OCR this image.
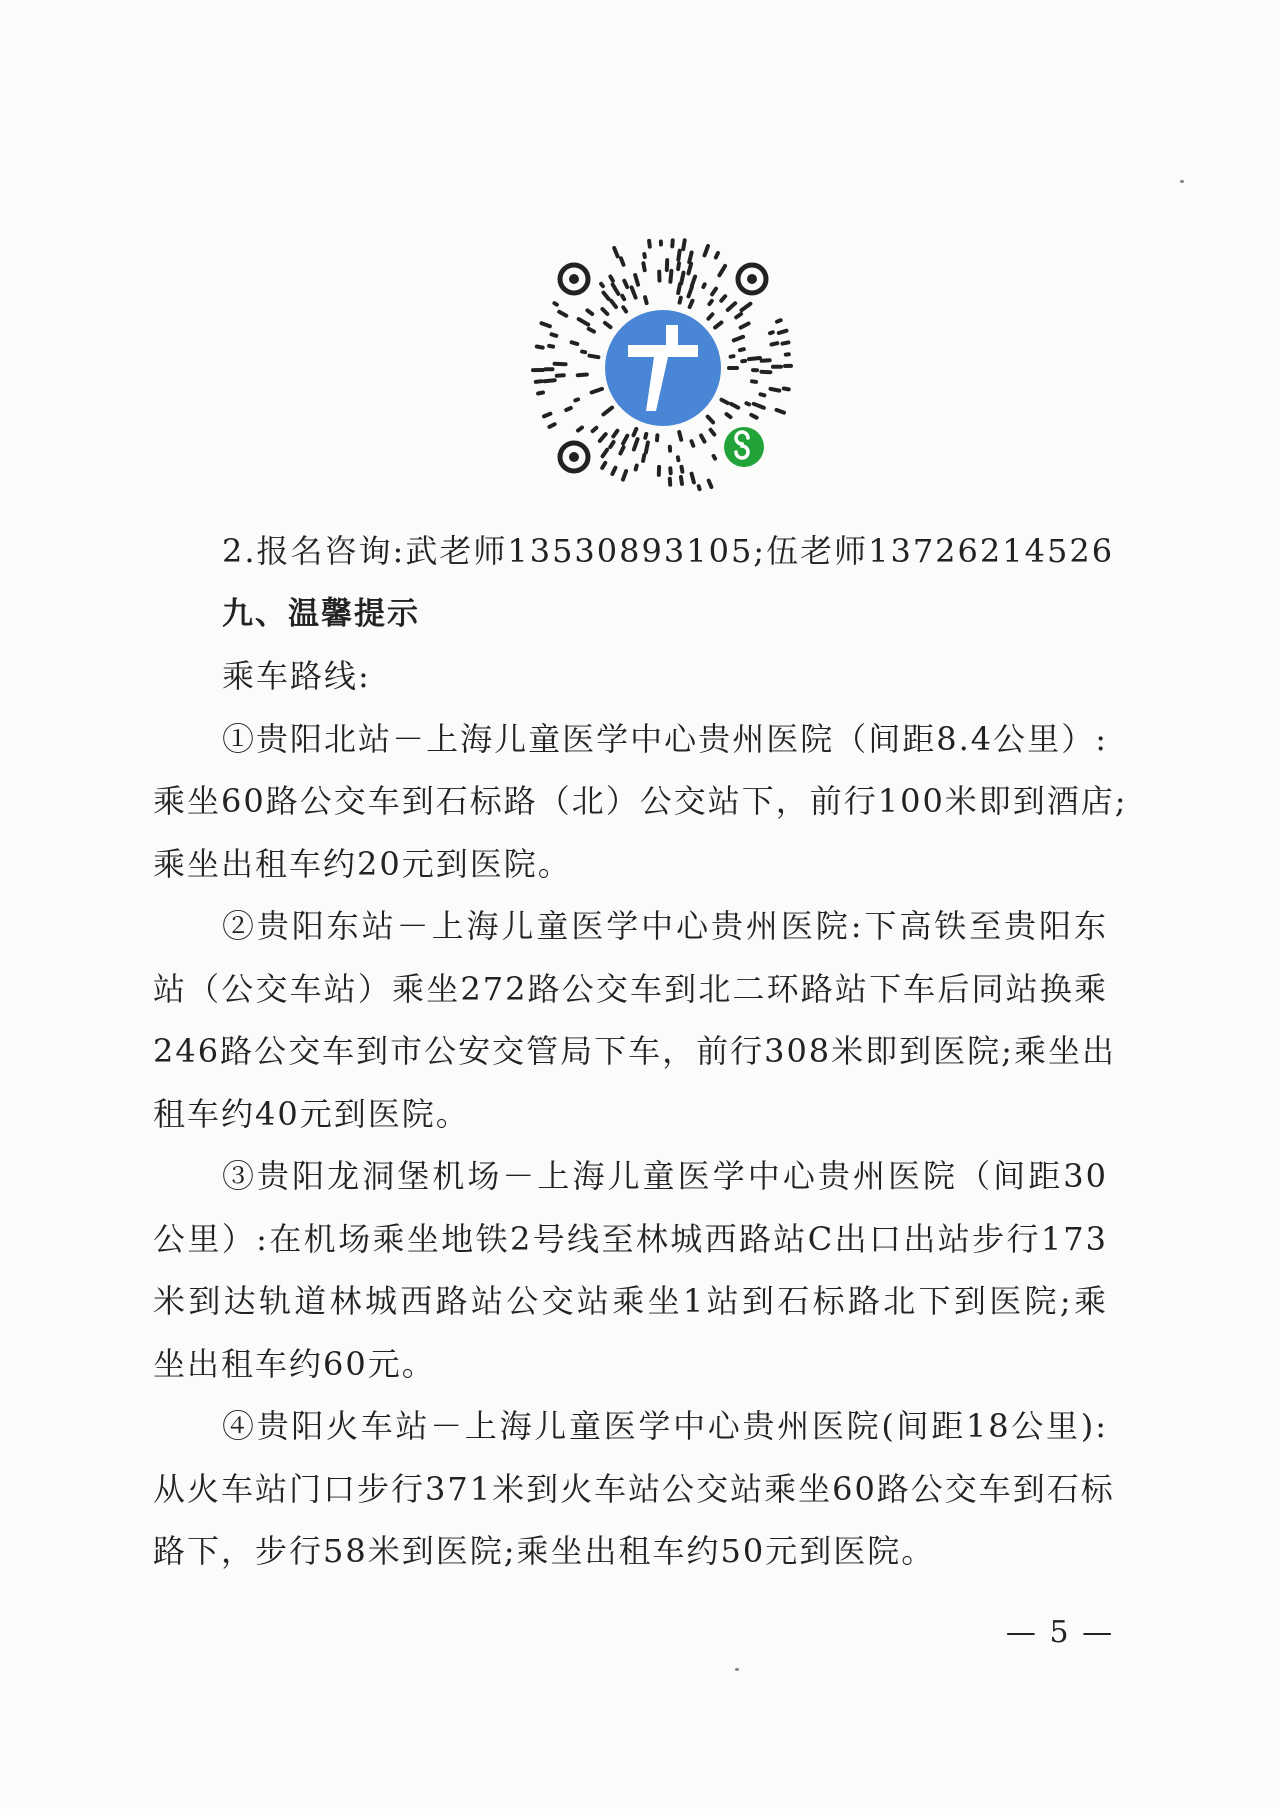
2.报名咨询: 武老师 13530893105; 伍老师 13726214526
九、温馨提示
乘车路线:
①贵阳北站－上海儿童医学中心贵州医院（间距8.4公里）:
乘坐60路公交车到石标路（北）公交站下，前行100米即到酒店;
乘坐出租车约20元到医院。
②贵阳东站－上海儿童医学中心贵州医院:下高铁至贵阳东
站（公交车站）乘坐272路公交车到北二环路站下车后同站换乘
246路公交车到市公安交管局下车，前行308米即到医院;乘坐出
租车约40元到医院。
③贵阳龙洞堡机场－上海儿童医学中心贵州医院（间距30
公里）:在机场乘坐地铁2号线至林城西路站C出口出站步行173
米到达轨道林城西路站公交站乘坐1站到石标路北下到医院;乘
坐出租车约60元。
④贵阳火车站－上海儿童医学中心贵州医院(间距18公里):
从火车站门口步行371米到火车站公交站乘坐60路公交车到石标
路下，步行58米到医院;乘坐出租车约50元到医院。
— 5 —
